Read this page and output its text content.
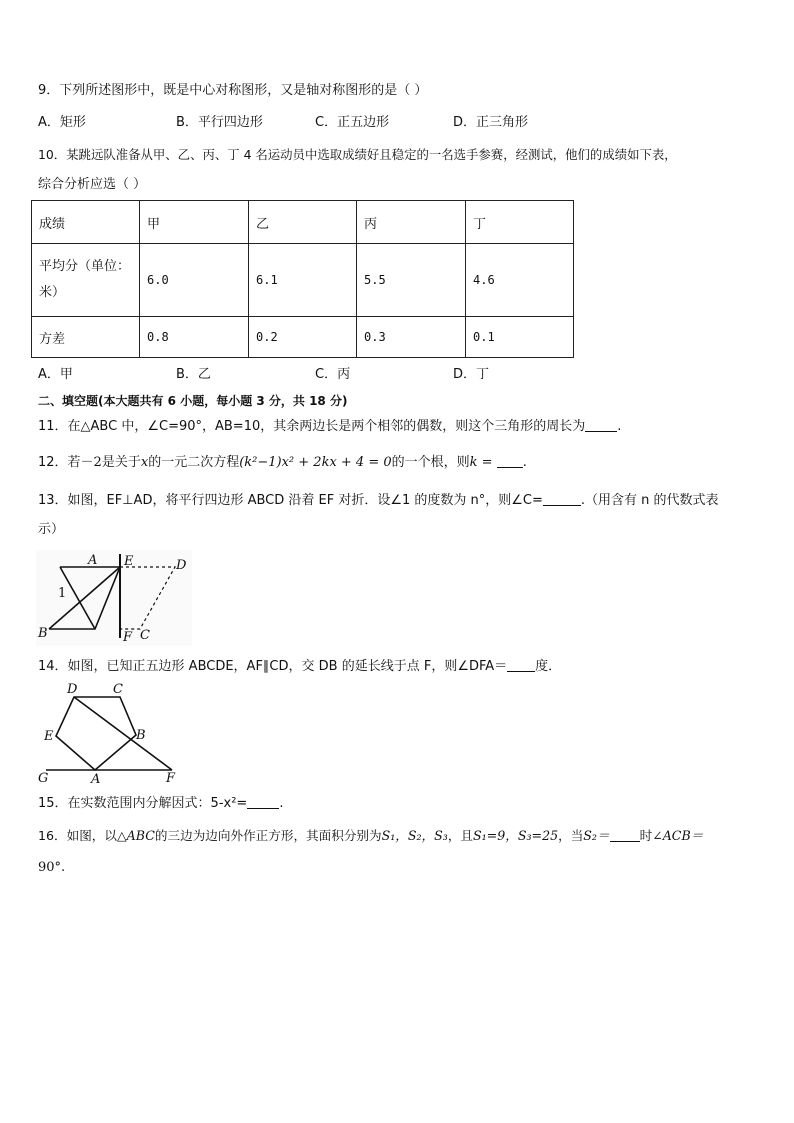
9．下列所述图形中，既是中心对称图形，又是轴对称图形的是（ ）
A．矩形	B．平行四边形	C．正五边形	D．正三角形
10．某跳远队准备从甲、乙、丙、丁 4 名运动员中选取成绩好且稳定的一名选手参赛，经测试，他们的成绩如下表，
综合分析应选（ ）
成绩	甲	乙	丙	丁
平均分（单位：
米）	6.0	6.1	5.5	4.6
方差	0.8	0.2	0.3	0.1
A．甲	B．乙	C．丙	D．丁
二、填空题(本大题共有 6 小题，每小题 3 分，共 18 分)
11．在△ABC 中，∠C=90°，AB=10，其余两边长是两个相邻的偶数，则这个三角形的周长为 .
12．若－2是关于x的一元二次方程(k²−1)x² + 2kx + 4 = 0的一个根，则k = .
13．如图，EF⊥AD，将平行四边形 ABCD 沿着 EF 对折．设∠1 的度数为 n°，则∠C=	.（用含有 n 的代数式表
示）
A E	D
1
B	F C
14．如图，已知正五边形 ABCDE，AF∥CD，交 DB 的延长线于点 F，则∠DFA＝ 度．
D	C
E	B
G	A	F
15．在实数范围内分解因式：5-x²= .
16．如图，以△ABC的三边为边向外作正方形，其面积分别为S₁，S₂，S₃，且S₁=9，S₃=25，当S₂＝ 时∠ACB＝
90°.
